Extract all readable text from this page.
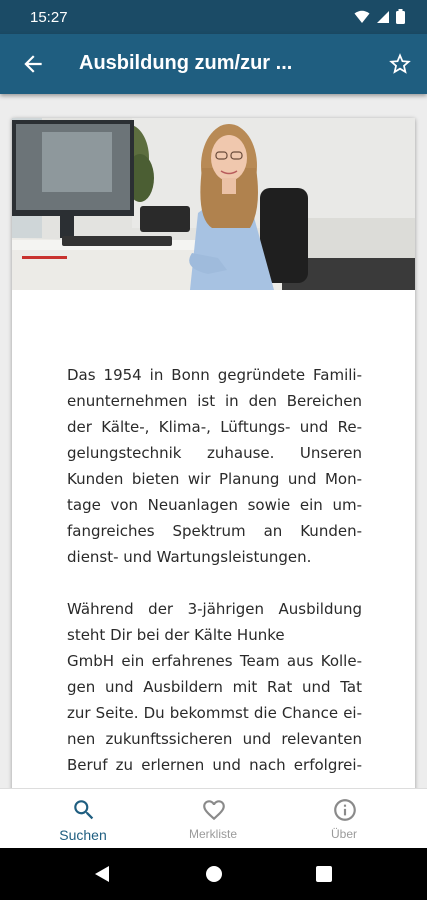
15:27
Ausbildung zum/zur ...

Das 1954 in Bonn gegründete Famili-
enunternehmen ist in den Bereichen
der Kälte-, Klima-, Lüftungs- und Re-
gelungstechnik zuhause. Unseren
Kunden bieten wir Planung und Mon-
tage von Neuanlagen sowie ein um-
fangreiches Spektrum an Kunden-
dienst- und Wartungsleistungen.

Während der 3-jährigen Ausbildung
steht Dir bei der Kälte Hunke
GmbH ein erfahrenes Team aus Kolle-
gen und Ausbildern mit Rat und Tat
zur Seite. Du bekommst die Chance ei-
nen zukunftssicheren und relevanten
Beruf zu erlernen und nach erfolgrei-

Suchen	Merkliste	Über
